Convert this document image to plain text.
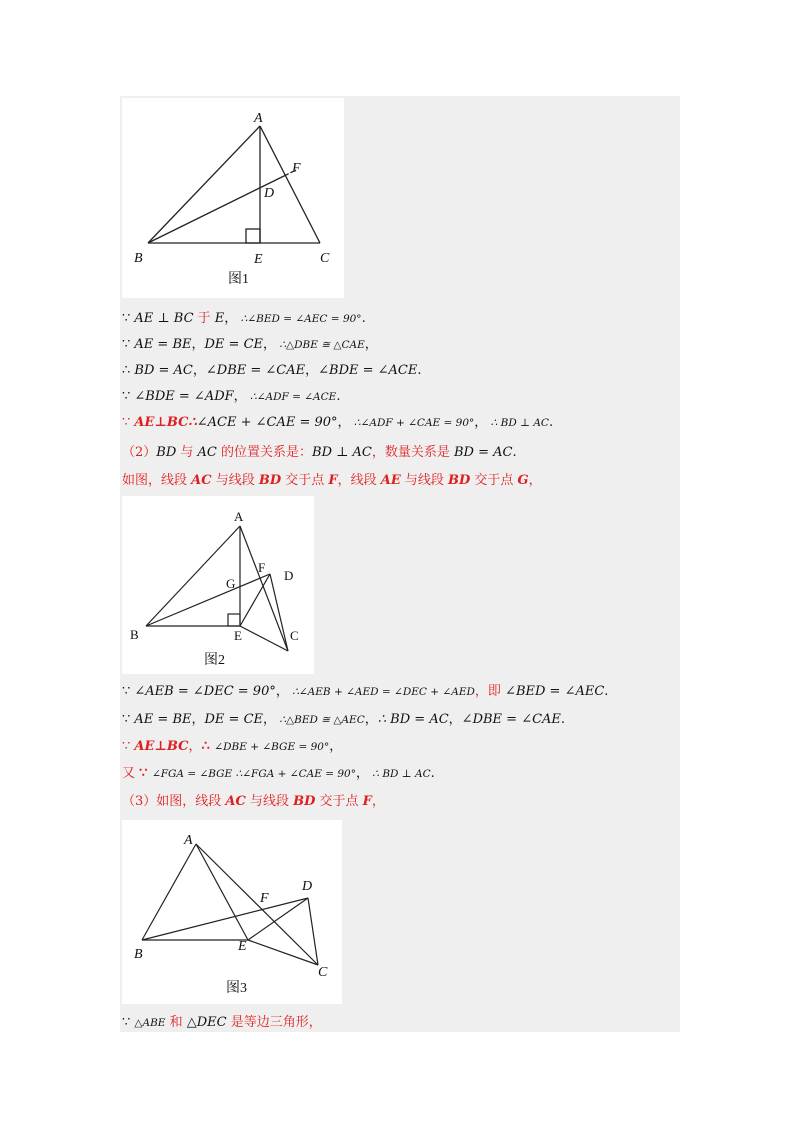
A
B	C
D
E
F
图1
∵ AE ⊥ BC 于 E， ∴∠BED = ∠AEC = 90°.
∵ AE = BE，DE = CE， ∴△DBE ≅ △CAE，
∴ BD = AC，∠DBE = ∠CAE，∠BDE = ∠ACE.
∵ ∠BDE = ∠ADF， ∴∠ADF = ∠ACE.
∵ AE⊥BC∴∠ACE + ∠CAE = 90°， ∴∠ADF + ∠CAE = 90°， ∴ BD ⊥ AC.
（2）BD 与 AC 的位置关系是：BD ⊥ AC，数量关系是 BD = AC.
如图，线段 AC 与线段 BD 交于点 F，线段 AE 与线段 BD 交于点 G，
A
B	C
D
E
F
G
图2
∵ ∠AEB = ∠DEC = 90°， ∴∠AEB + ∠AED = ∠DEC + ∠AED，即 ∠BED = ∠AEC.
∵ AE = BE，DE = CE， ∴△BED ≅ △AEC，∴ BD = AC，∠DBE = ∠CAE.
∵ AE⊥BC，∴ ∠DBE + ∠BGE = 90°，
又 ∵ ∠FGA = ∠BGE ∴∠FGA + ∠CAE = 90°， ∴ BD ⊥ AC.
（3）如图，线段 AC 与线段 BD 交于点 F，
A
B
C
D
E
F
图3
∵ △ABE 和 △DEC 是等边三角形，
